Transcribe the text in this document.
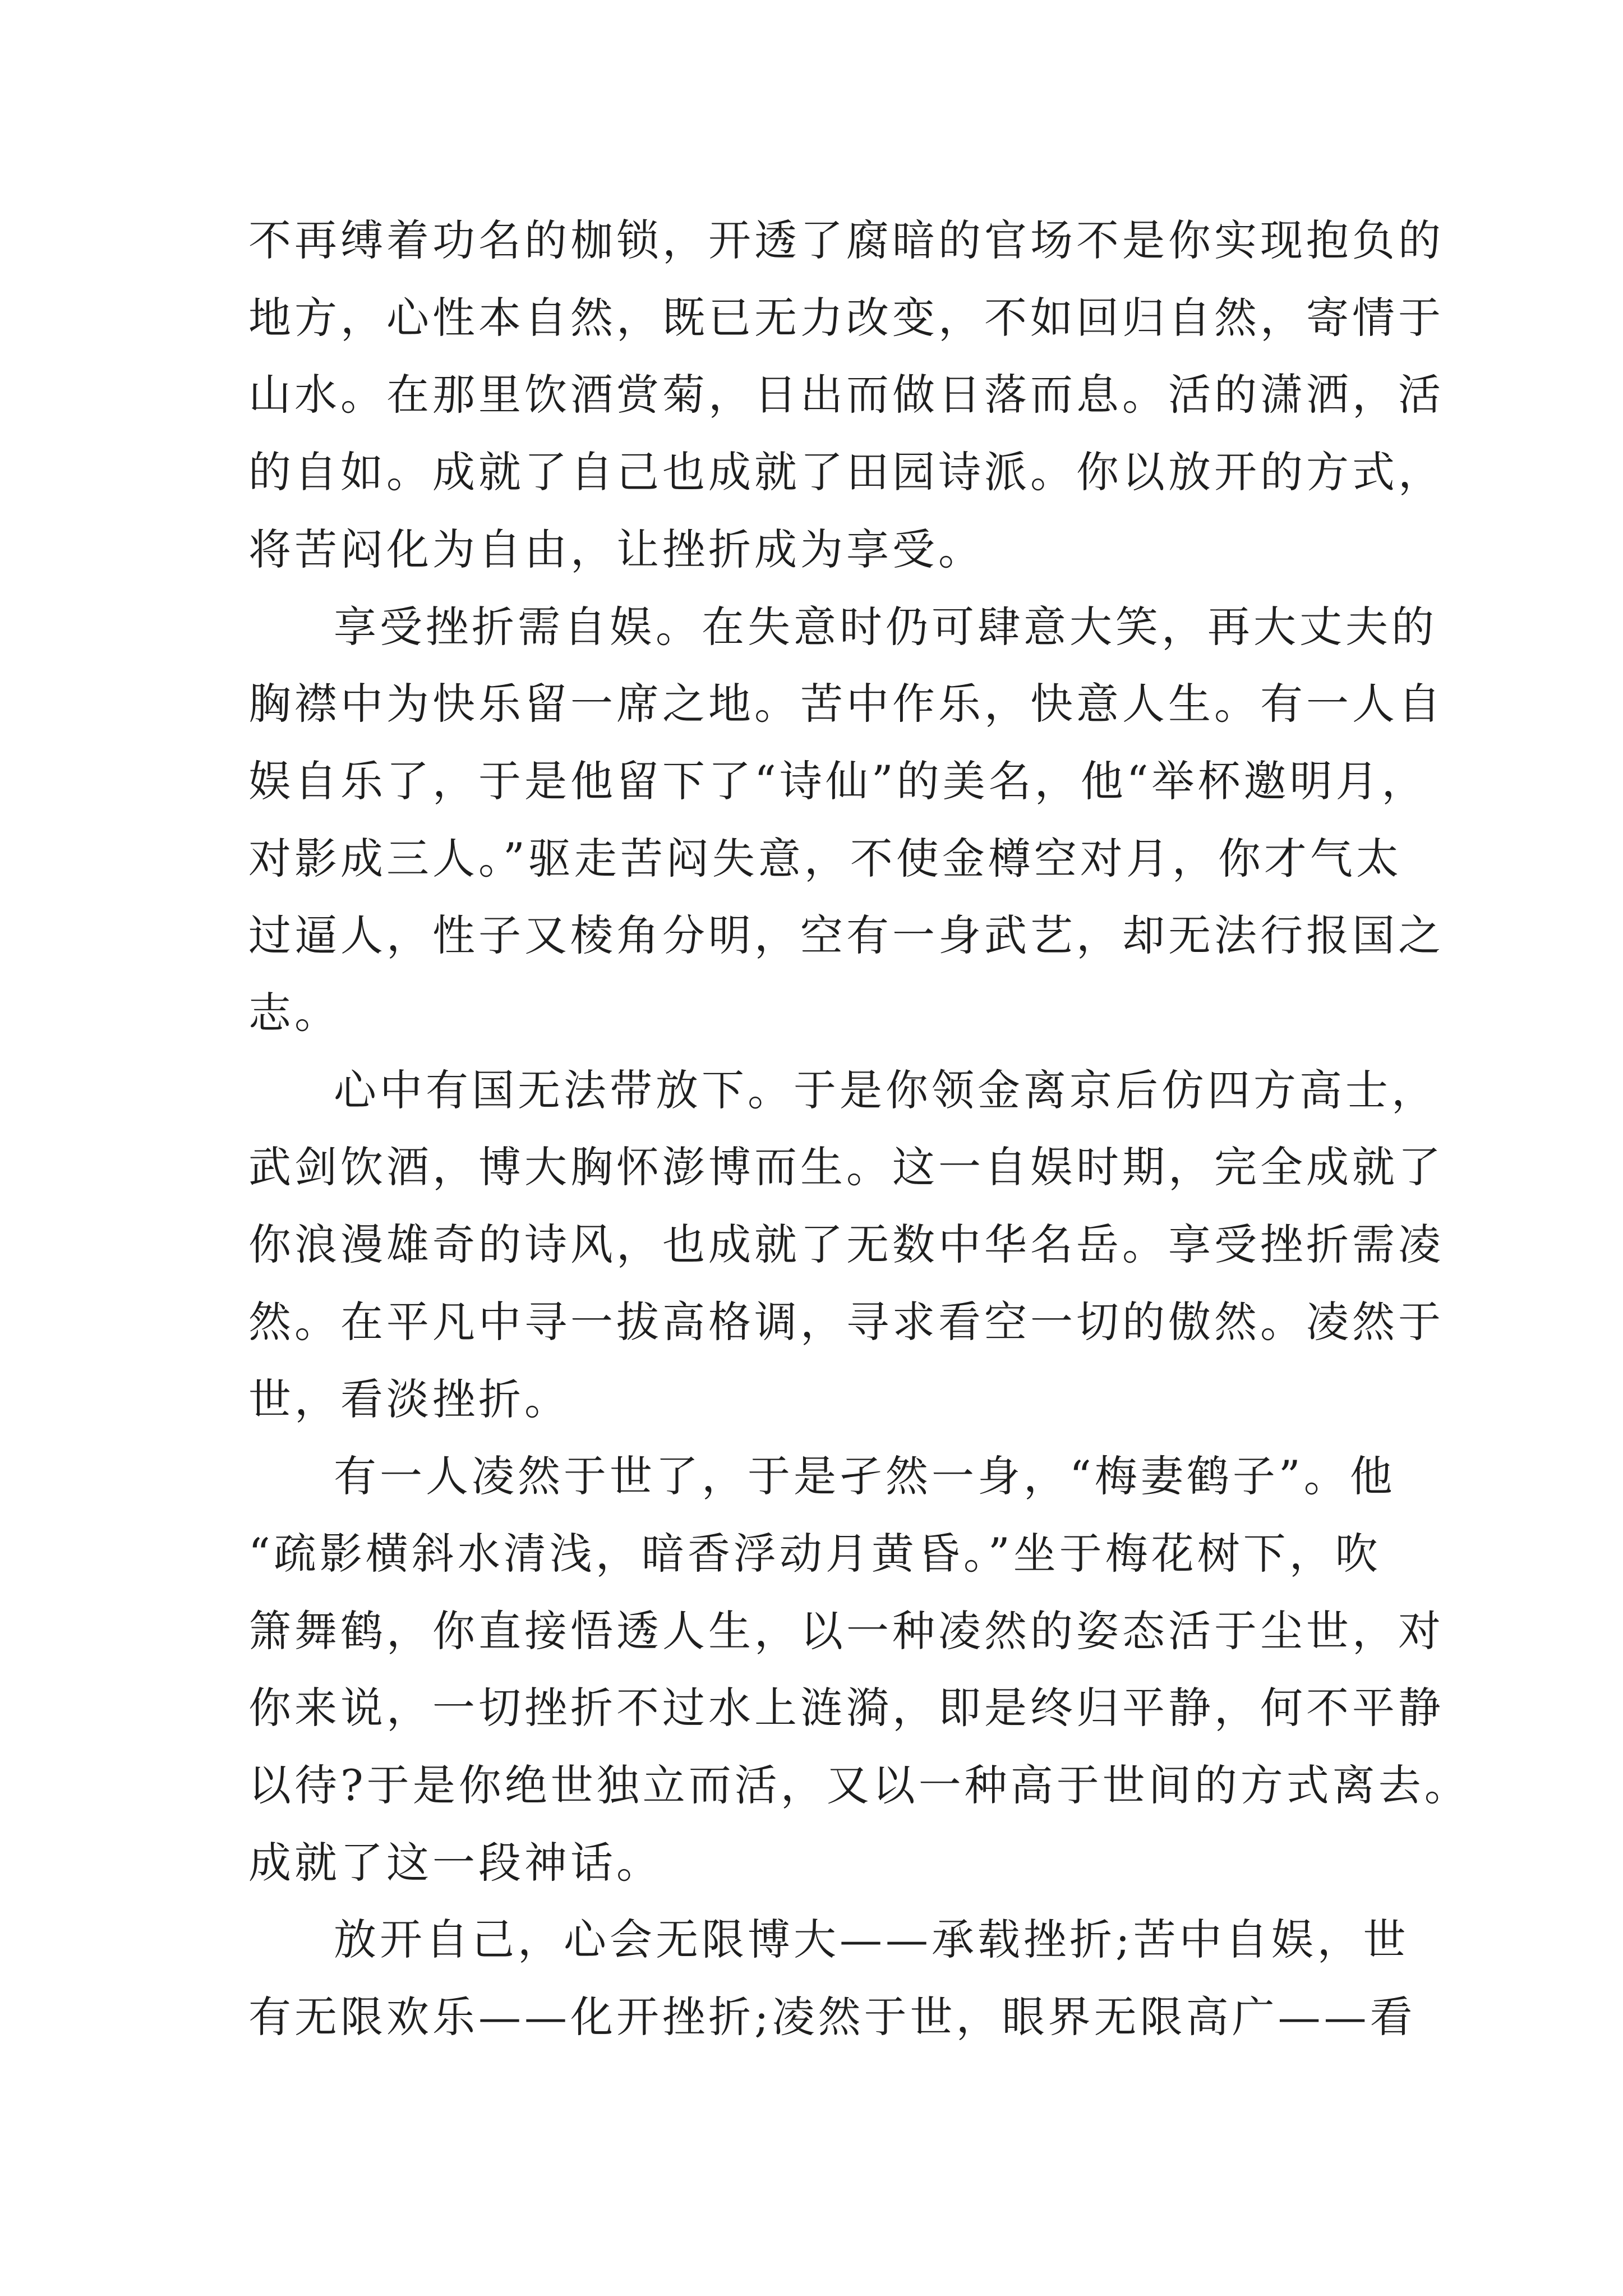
不再缚着功名的枷锁，开透了腐暗的官场不是你实现抱负的
地方，心性本自然，既已无力改变，不如回归自然，寄情于
山水。在那里饮酒赏菊，日出而做日落而息。活的潇洒，活
的自如。成就了自己也成就了田园诗派。你以放开的方式，
将苦闷化为自由，让挫折成为享受。
享受挫折需自娱。在失意时仍可肆意大笑，再大丈夫的
胸襟中为快乐留一席之地。苦中作乐，快意人生。有一人自
娱自乐了，于是他留下了“诗仙”的美名，他“举杯邀明月，
对影成三人。”驱走苦闷失意，不使金樽空对月，你才气太
过逼人，性子又棱角分明，空有一身武艺，却无法行报国之
志。
心中有国无法带放下。于是你领金离京后仿四方高士，
武剑饮酒，博大胸怀澎博而生。这一自娱时期，完全成就了
你浪漫雄奇的诗风，也成就了无数中华名岳。享受挫折需凌
然。在平凡中寻一拔高格调，寻求看空一切的傲然。凌然于
世，看淡挫折。
有一人凌然于世了，于是孑然一身，“梅妻鹤子”。他
“疏影横斜水清浅，暗香浮动月黄昏。”坐于梅花树下，吹
箫舞鹤，你直接悟透人生，以一种凌然的姿态活于尘世，对
你来说，一切挫折不过水上涟漪，即是终归平静，何不平静
以待?于是你绝世独立而活，又以一种高于世间的方式离去。
成就了这一段神话。
放开自己，心会无限博大——承载挫折;苦中自娱，世
有无限欢乐——化开挫折;凌然于世，眼界无限高广——看
